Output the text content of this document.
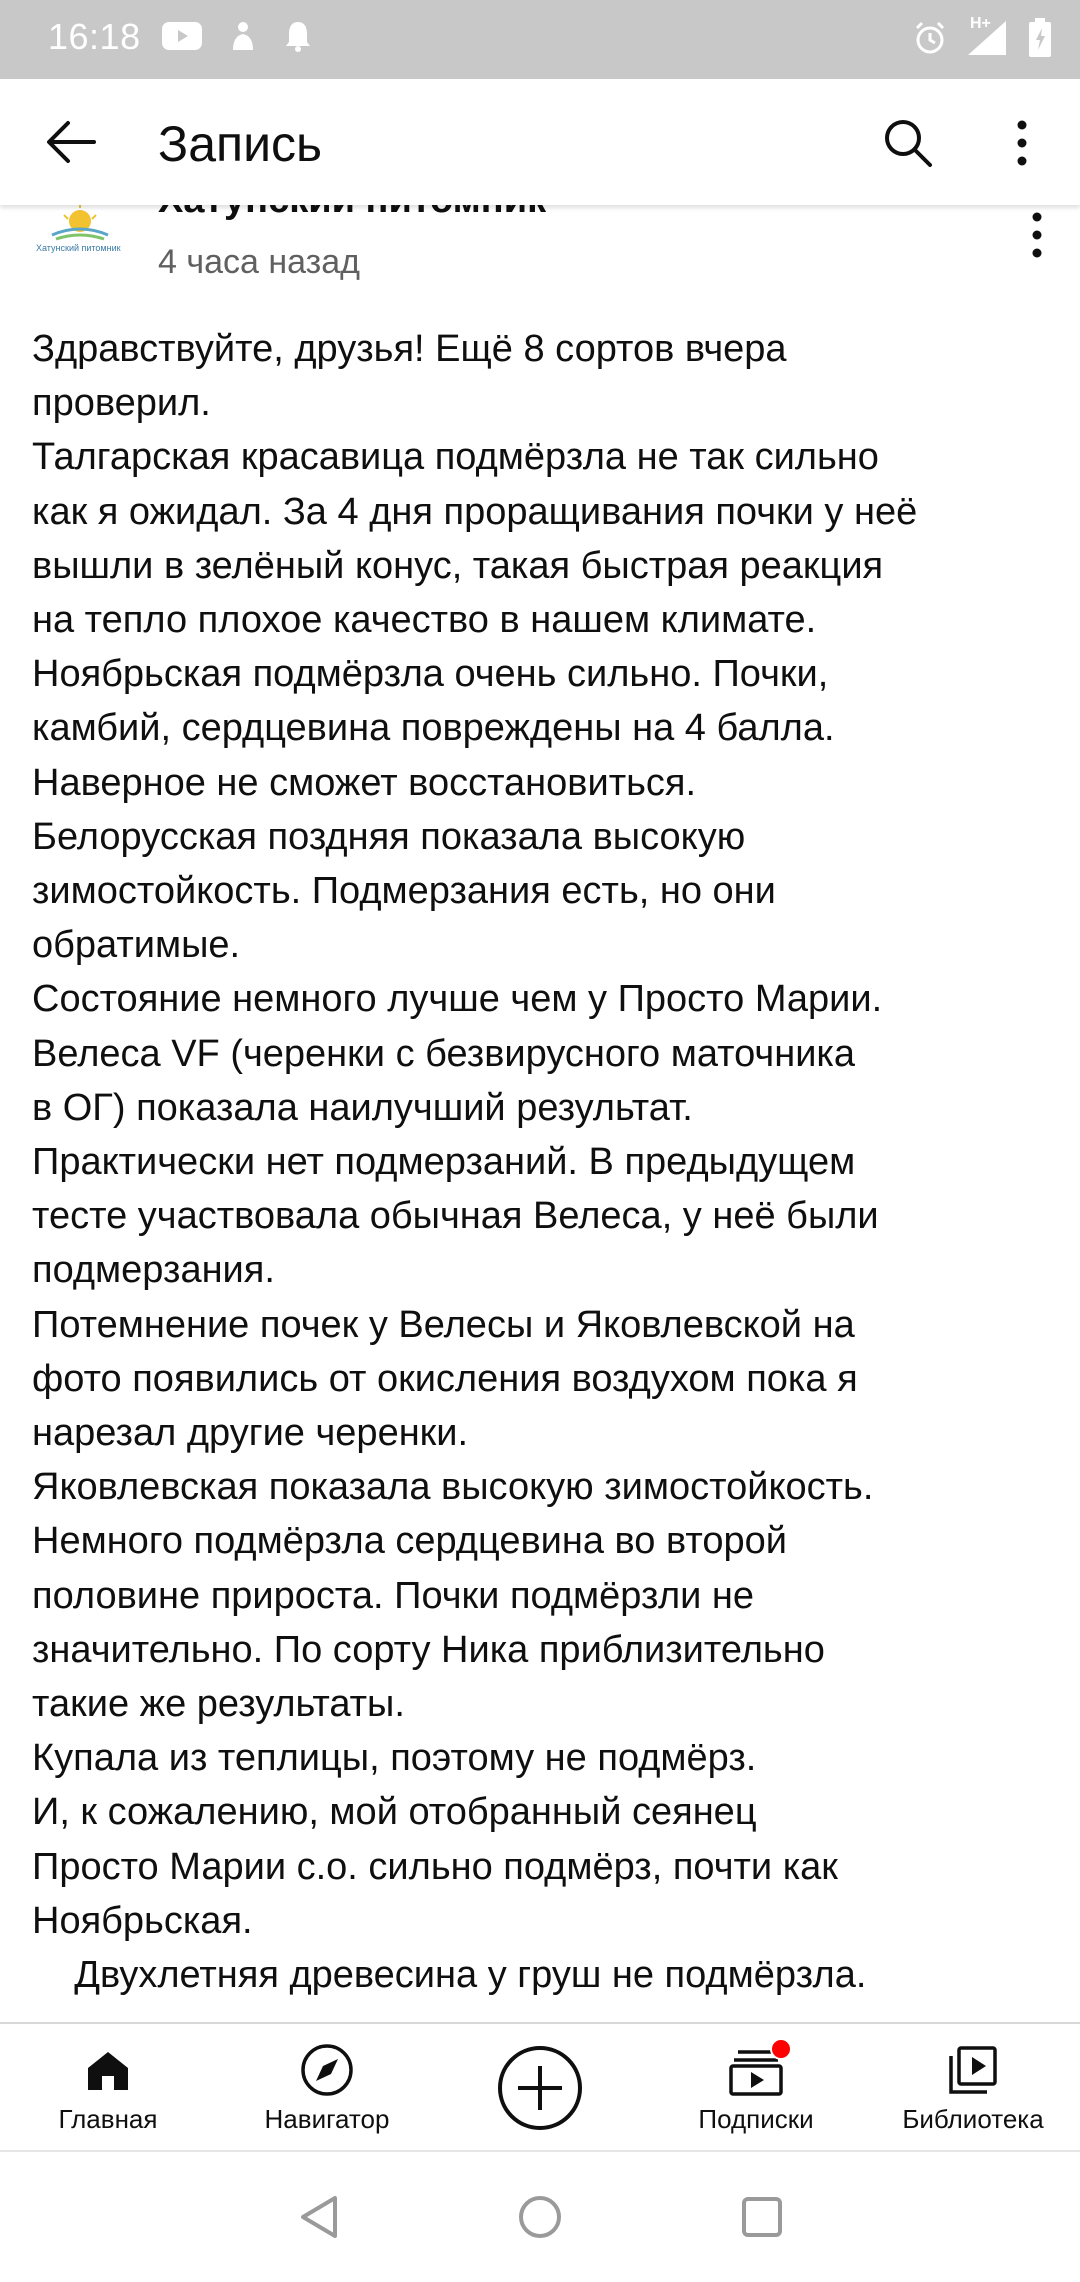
16:18	H+
Запись
Хатунский питомник 4 часа назад
Здравствуйте, друзья! Ещё 8 сортов вчера
проверил.
Талгарская красавица подмёрзла не так сильно
как я ожидал. За 4 дня проращивания почки у неё
вышли в зелёный конус, такая быстрая реакция
на тепло плохое качество в нашем климате.
Ноябрьская подмёрзла очень сильно. Почки,
камбий, сердцевина повреждены на 4 балла.
Наверное не сможет восстановиться.
Белорусская поздняя показала высокую
зимостойкость. Подмерзания есть, но они
обратимые.
Состояние немного лучше чем у Просто Марии.
Велеса VF (черенки с безвирусного маточника
в ОГ) показала наилучший результат.
Практически нет подмерзаний. В предыдущем
тесте участвовала обычная Велеса, у неё были
подмерзания.
Потемнение почек у Велесы и Яковлевской на
фото появились от окисления воздухом пока я
нарезал другие черенки.
Яковлевская показала высокую зимостойкость.
Немного подмёрзла сердцевина во второй
половине прироста. Почки подмёрзли не
значительно. По сорту Ника приблизительно
такие же результаты.
Купала из теплицы, поэтому не подмёрз.
И, к сожалению, мой отобранный сеянец
Просто Марии с.о. сильно подмёрз, почти как
Ноябрьская.
Двухлетняя древесина у груш не подмёрзла.
Главная	Навигатор	Подписки	Библиотека
